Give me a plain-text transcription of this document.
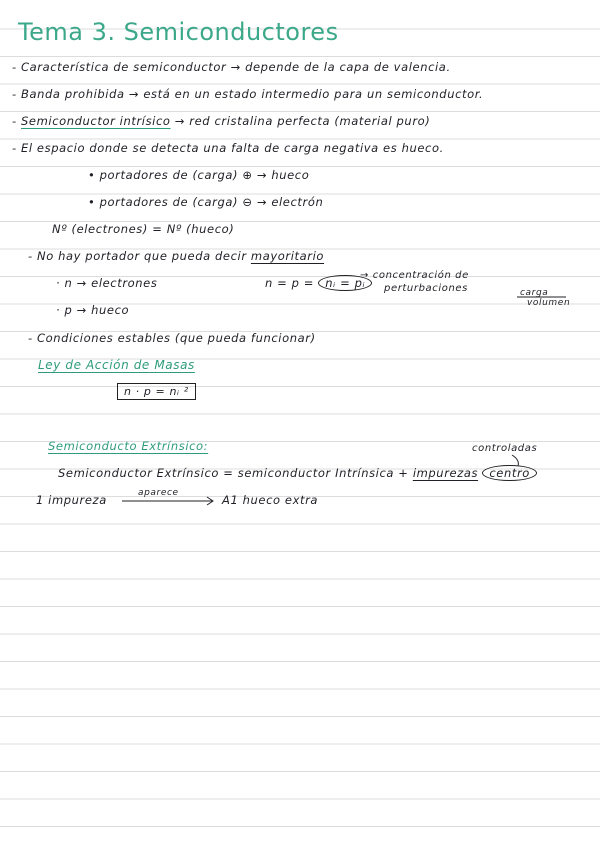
Tema 3. Semiconductores
- Característica de semiconductor → depende de la capa de valencia.
- Banda prohibida → está en un estado intermedio para un semiconductor.
- Semiconductor intrísico → red cristalina perfecta (material puro)
- El espacio donde se detecta una falta de carga negativa es hueco.
• portadores de (carga) ⊕ → hueco
• portadores de (carga) ⊖ → electrón
Nº (electrones) = Nº (hueco)
- No hay portador que pueda decir mayoritario
· n → electrones
· p → hueco
n = p = nᵢ = pᵢ
→ concentración de
perturbaciones	carga
volumen
- Condiciones estables (que pueda funcionar)
Ley de Acción de Masas
n · p = nᵢ ²
Semiconducto Extrínsico:	controladas
Semiconductor Extrínsico = semiconductor Intrínsica + impurezas centro
1 impureza	aparece	A1 hueco extra
